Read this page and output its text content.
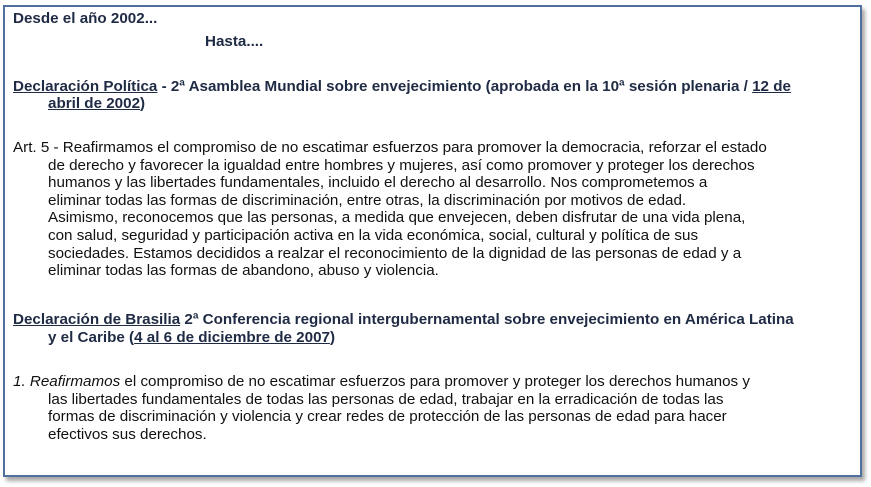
Desde el año 2002...
Hasta....
Declaración Política - 2ª Asamblea Mundial sobre envejecimiento (aprobada en la 10ª sesión plenaria / 12 de
abril de 2002)
Art. 5 - Reafirmamos el compromiso de no escatimar esfuerzos para promover la democracia, reforzar el estado
de derecho y favorecer la igualdad entre hombres y mujeres, así como promover y proteger los derechos
humanos y las libertades fundamentales, incluido el derecho al desarrollo. Nos comprometemos a
eliminar todas las formas de discriminación, entre otras, la discriminación por motivos de edad.
Asimismo, reconocemos que las personas, a medida que envejecen, deben disfrutar de una vida plena,
con salud, seguridad y participación activa en la vida económica, social, cultural y política de sus
sociedades. Estamos decididos a realzar el reconocimiento de la dignidad de las personas de edad y a
eliminar todas las formas de abandono, abuso y violencia.
Declaración de Brasilia 2ª Conferencia regional intergubernamental sobre envejecimiento en América Latina
y el Caribe (4 al 6 de diciembre de 2007)
1. Reafirmamos el compromiso de no escatimar esfuerzos para promover y proteger los derechos humanos y
las libertades fundamentales de todas las personas de edad, trabajar en la erradicación de todas las
formas de discriminación y violencia y crear redes de protección de las personas de edad para hacer
efectivos sus derechos.
